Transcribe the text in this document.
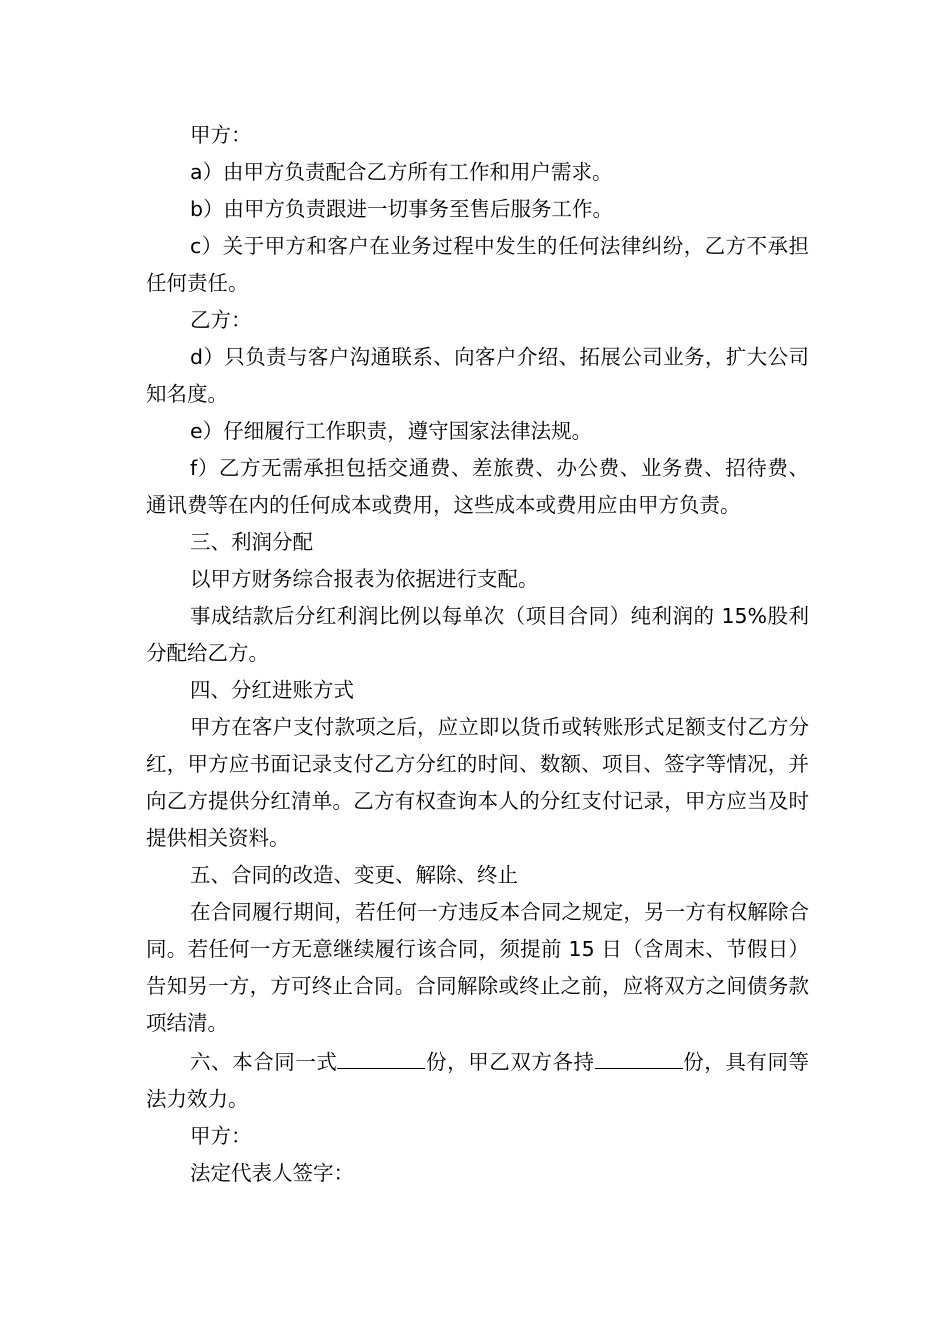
甲方：

a）由甲方负责配合乙方所有工作和用户需求。

b）由甲方负责跟进一切事务至售后服务工作。

c）关于甲方和客户在业务过程中发生的任何法律纠纷，乙方不承担任何责任。

乙方：

d）只负责与客户沟通联系、向客户介绍、拓展公司业务，扩大公司知名度。

e）仔细履行工作职责，遵守国家法律法规。

f）乙方无需承担包括交通费、差旅费、办公费、业务费、招待费、通讯费等在内的任何成本或费用，这些成本或费用应由甲方负责。

三、利润分配

以甲方财务综合报表为依据进行支配。

事成结款后分红利润比例以每单次（项目合同）纯利润的 15%股利分配给乙方。

四、分红进账方式

甲方在客户支付款项之后，应立即以货币或转账形式足额支付乙方分红，甲方应书面记录支付乙方分红的时间、数额、项目、签字等情况，并向乙方提供分红清单。乙方有权查询本人的分红支付记录，甲方应当及时提供相关资料。

五、合同的改造、变更、解除、终止

在合同履行期间，若任何一方违反本合同之规定，另一方有权解除合同。若任何一方无意继续履行该合同，须提前 15 日（含周末、节假日）告知另一方，方可终止合同。合同解除或终止之前，应将双方之间债务款项结清。

六、本合同一式	份，甲乙双方各持	份，具有同等法力效力。

甲方：

法定代表人签字：
